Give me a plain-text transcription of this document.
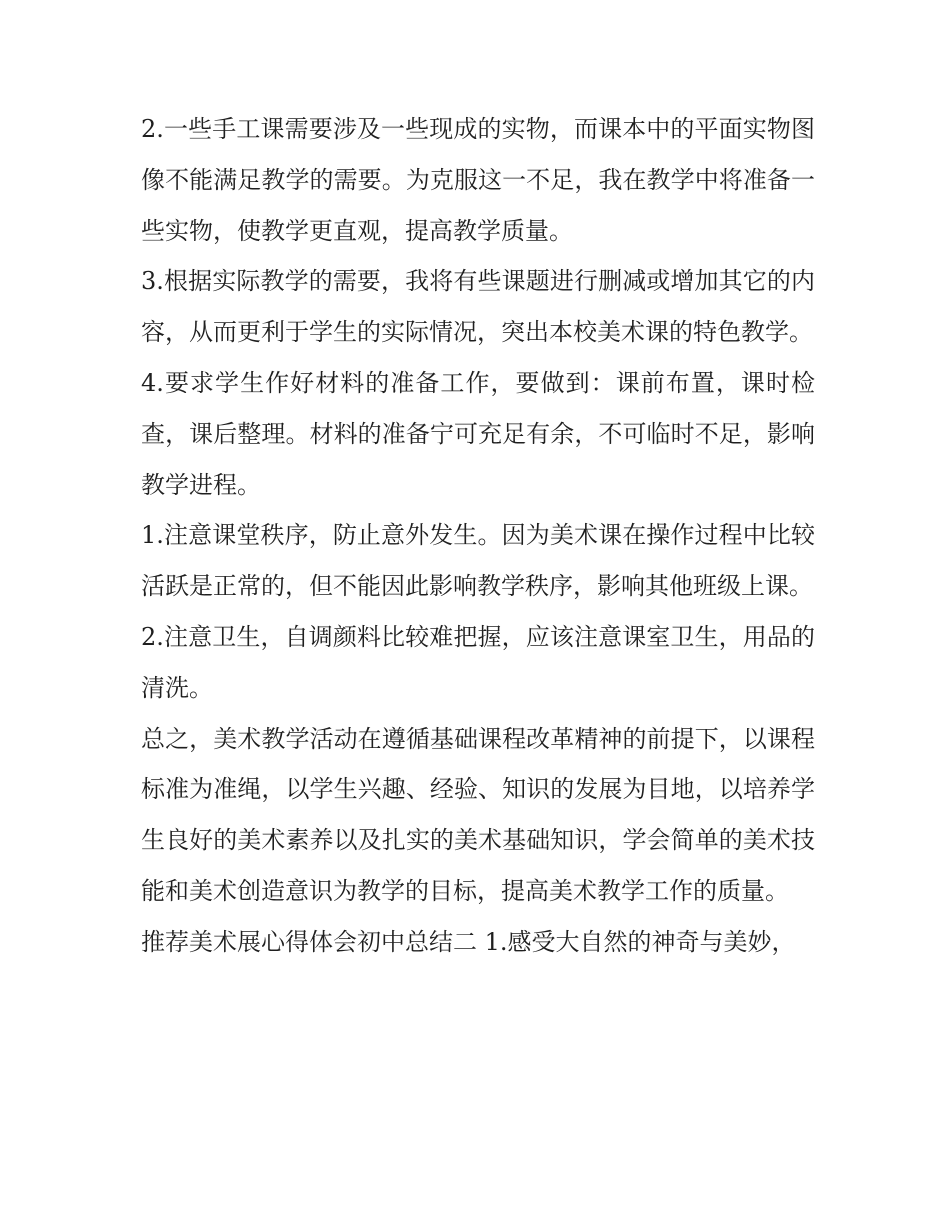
2.一些手工课需要涉及一些现成的实物，而课本中的平面实物图像不能满足教学的需要。为克服这一不足，我在教学中将准备一些实物，使教学更直观，提高教学质量。

3.根据实际教学的需要，我将有些课题进行删减或增加其它的内容，从而更利于学生的实际情况，突出本校美术课的特色教学。

4.要求学生作好材料的准备工作，要做到：课前布置，课时检查，课后整理。材料的准备宁可充足有余，不可临时不足，影响教学进程。

1.注意课堂秩序，防止意外发生。因为美术课在操作过程中比较活跃是正常的，但不能因此影响教学秩序，影响其他班级上课。

2.注意卫生，自调颜料比较难把握，应该注意课室卫生，用品的清洗。

总之，美术教学活动在遵循基础课程改革精神的前提下，以课程标准为准绳，以学生兴趣、经验、知识的发展为目地，以培养学生良好的美术素养以及扎实的美术基础知识，学会简单的美术技能和美术创造意识为教学的目标，提高美术教学工作的质量。

推荐美术展心得体会初中总结二 1.感受大自然的神奇与美妙，
